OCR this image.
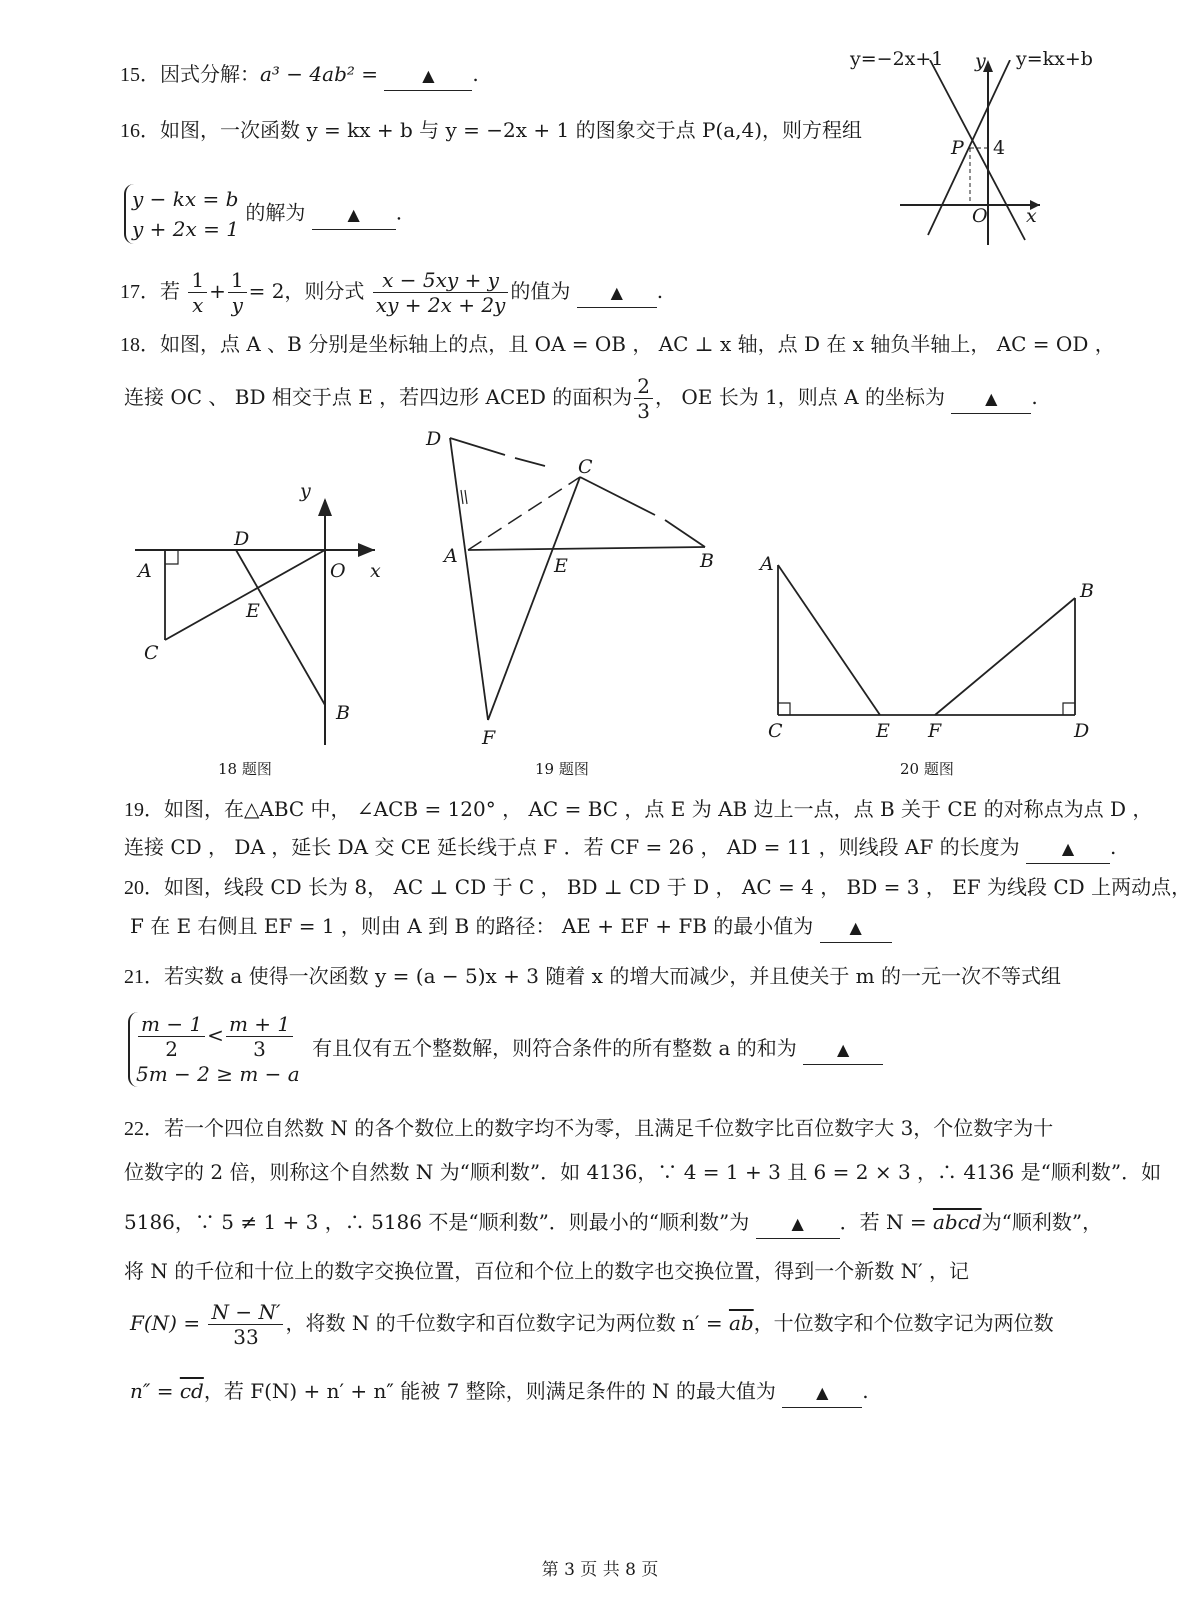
15．因式分解：a³ − 4ab² =	▲ .
16．如图，一次函数 y = kx + b 与 y = −2x + 1 的图象交于点 P(a,4)，则方程组
y − kx = b
y + 2x = 1 的解为	▲ .
y=−2x+1	y=kx+b
y
x
O
P 4
17．若 $\frac{1}{x} + \frac{1}{y} = 2$，则分式 $\frac{x - 5xy + y}{xy + 2x + 2y}$ 的值为	▲ .
18．如图，点 A 、B 分别是坐标轴上的点，且 OA = OB ， AC ⊥ x 轴，点 D 在 x 轴负半轴上， AC = OD ，
连接 OC 、 BD 相交于点 E ，若四边形 ACED 的面积为 $\frac{2}{3}$ ， OE 长为 1，则点 A 的坐标为	▲ .
A
C
D
E
O x
y
B
18 题图
D
C
A	E	B
F
19 题图
A
B
C	E F	D
20 题图
19．如图，在△ABC 中， ∠ACB = 120° ， AC = BC ，点 E 为 AB 边上一点，点 B 关于 CE 的对称点为点 D ，
连接 CD ， DA ，延长 DA 交 CE 延长线于点 F ．若 CF = 26 ， AD = 11 ，则线段 AF 的长度为	▲ .
20．如图，线段 CD 长为 8， AC ⊥ CD 于 C ， BD ⊥ CD 于 D ， AC = 4 ， BD = 3 ， EF 为线段 CD 上两动点，
F 在 E 右侧且 EF = 1 ，则由 A 到 B 的路径： AE + EF + FB 的最小值为 ▲
21．若实数 a 使得一次函数 y = (a − 5)x + 3 随着 x 的增大而减少，并且使关于 m 的一元一次不等式组
$\frac{m - 1}{2} < \frac{m + 1}{3}$

5m − 2 ≥ m − a 有且仅有五个整数解，则符合条件的所有整数 a 的和为	▲
22．若一个四位自然数 N 的各个数位上的数字均不为零，且满足千位数字比百位数字大 3，个位数字为十
位数字的 2 倍，则称这个自然数 N 为“顺利数”．如 4136，∵ 4 = 1 + 3 且 6 = 2 × 3 ，∴ 4136 是“顺利数”．如
5186，∵ 5 ≠ 1 + 3 ，∴ 5186 不是“顺利数”．则最小的“顺利数”为	▲ ．若 N = abcd为“顺利数”，
将 N 的千位和十位上的数字交换位置，百位和个位上的数字也交换位置，得到一个新数 N′ ，记
$F(N) = \frac{N - N'}{33}$ ，将数 N 的千位数字和百位数字记为两位数 $n' = \overline{ab}$，十位数字和个位数字记为两位数
$n'' = \overline{cd}$，若 F(N) + n′ + n″ 能被 7 整除，则满足条件的 N 的最大值为	▲ .
第 3 页 共 8 页
